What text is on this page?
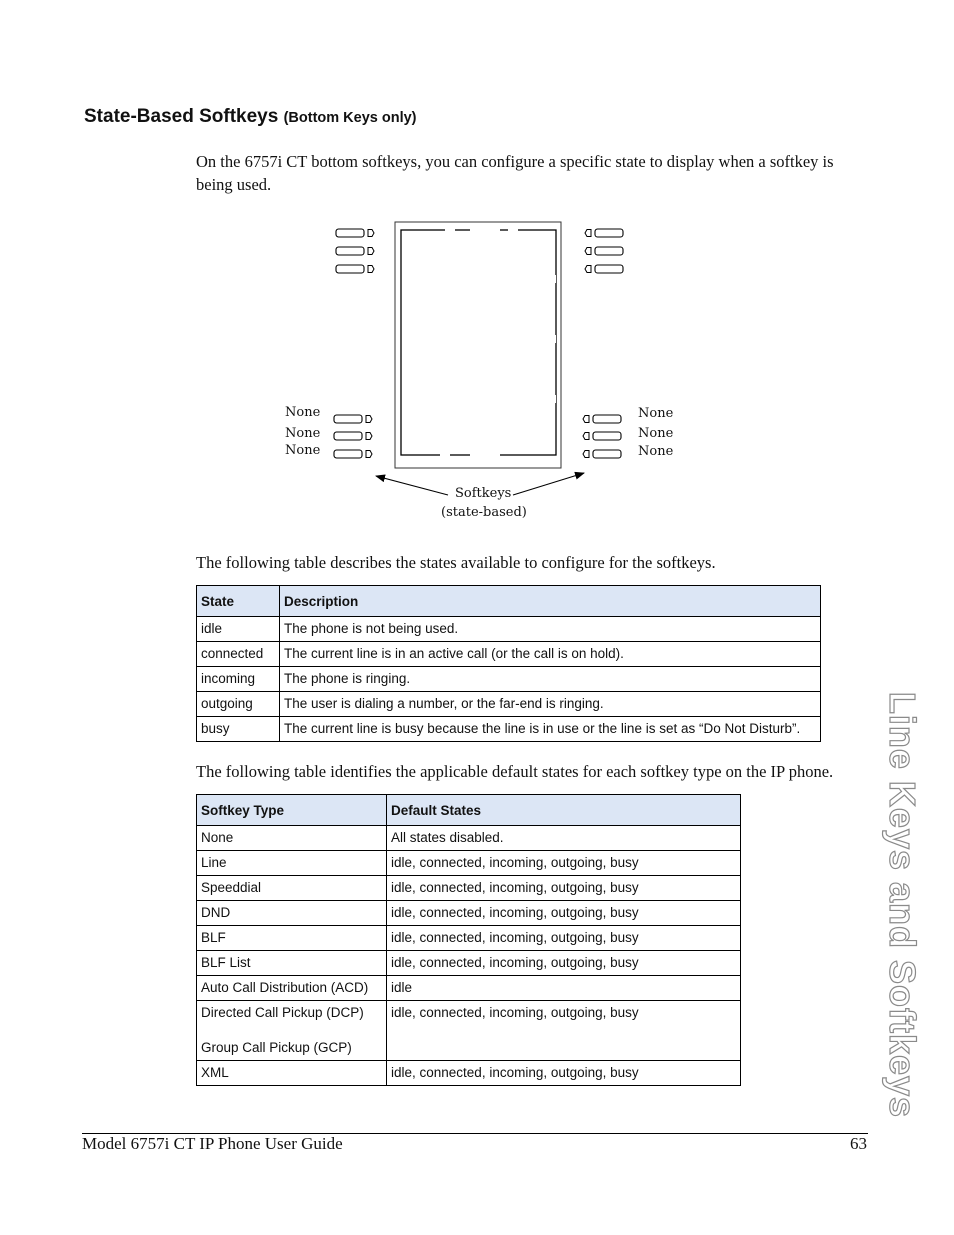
State-Based Softkeys (Bottom Keys only)
On the 6757i CT bottom softkeys, you can configure a specific state to display when a softkey is being used.
None
None
None
None
None
None
Softkeys
(state-based)
The following table describes the states available to configure for the softkeys.
State	Description
idle	The phone is not being used.
connected	The current line is in an active call (or the call is on hold).
incoming	The phone is ringing.
outgoing	The user is dialing a number, or the far-end is ringing.
busy	The current line is busy because the line is in use or the line is set as “Do Not Disturb”.
The following table identifies the applicable default states for each softkey type on the IP phone.
Softkey Type	Default States
None	All states disabled.
Line	idle, connected, incoming, outgoing, busy
Speeddial	idle, connected, incoming, outgoing, busy
DND	idle, connected, incoming, outgoing, busy
BLF	idle, connected, incoming, outgoing, busy
BLF List	idle, connected, incoming, outgoing, busy
Auto Call Distribution (ACD)	idle
Directed Call Pickup (DCP)
Group Call Pickup (GCP)	idle, connected, incoming, outgoing, busy
XML	idle, connected, incoming, outgoing, busy	Line Keys and Softkeys
Model 6757i CT IP Phone User Guide	63
